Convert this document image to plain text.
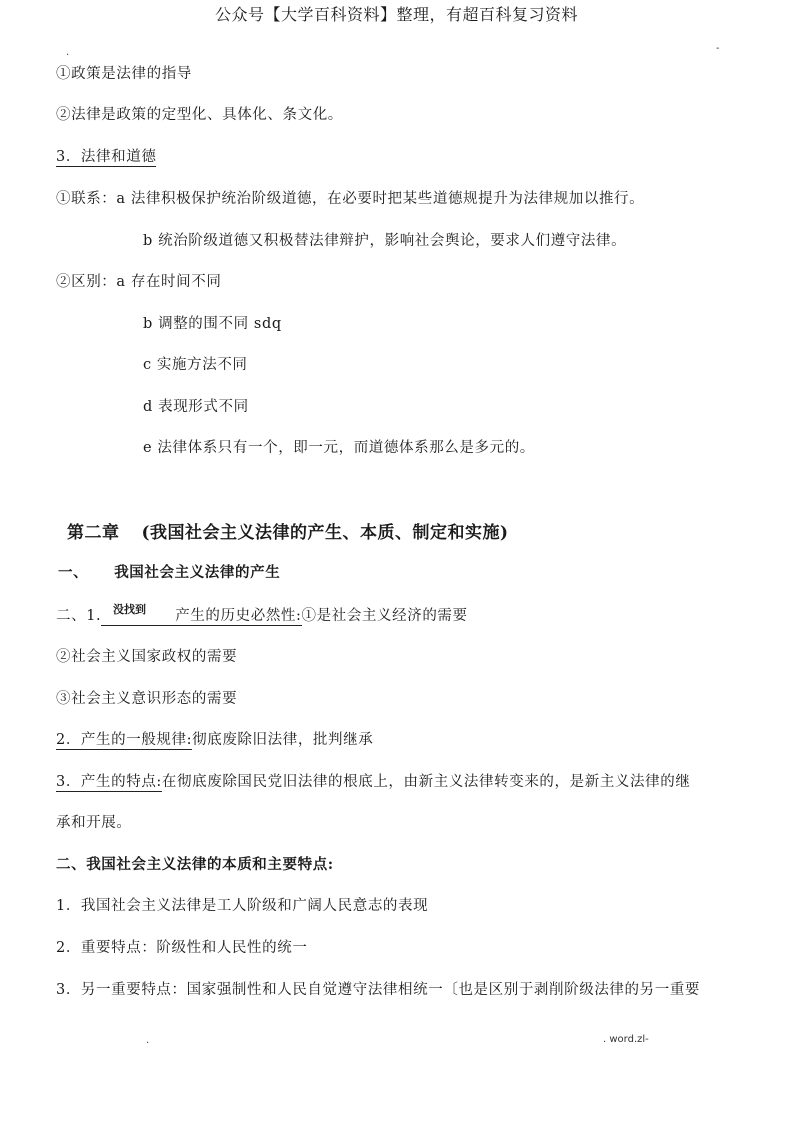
公众号【大学百科资料】整理，有超百科复习资料
.	-
①政策是法律的指导
②法律是政策的定型化、具体化、条文化。
3．法律和道德
①联系：a 法律积极保护统治阶级道德，在必要时把某些道德规提升为法律规加以推行。
b 统治阶级道德又积极替法律辩护，影响社会舆论，要求人们遵守法律。
②区别：a 存在时间不同
b 调整的围不同 sdq
c 实施方法不同
d 表现形式不同
e 法律体系只有一个，即一元，而道德体系那么是多元的。
第二章 (我国社会主义法律的产生、本质、制定和实施)
一、 我国社会主义法律的产生
没找到
二、1.	产生的历史必然性:①是社会主义经济的需要
②社会主义国家政权的需要
③社会主义意识形态的需要
2．产生的一般规律:彻底废除旧法律，批判继承
3．产生的特点:在彻底废除国民党旧法律的根底上，由新主义法律转变来的，是新主义法律的继
承和开展。
二、我国社会主义法律的本质和主要特点:
1．我国社会主义法律是工人阶级和广阔人民意志的表现
2．重要特点：阶级性和人民性的统一
3．另一重要特点：国家强制性和人民自觉遵守法律相统一〔也是区别于剥削阶级法律的另一重要
.	. word.zl-
